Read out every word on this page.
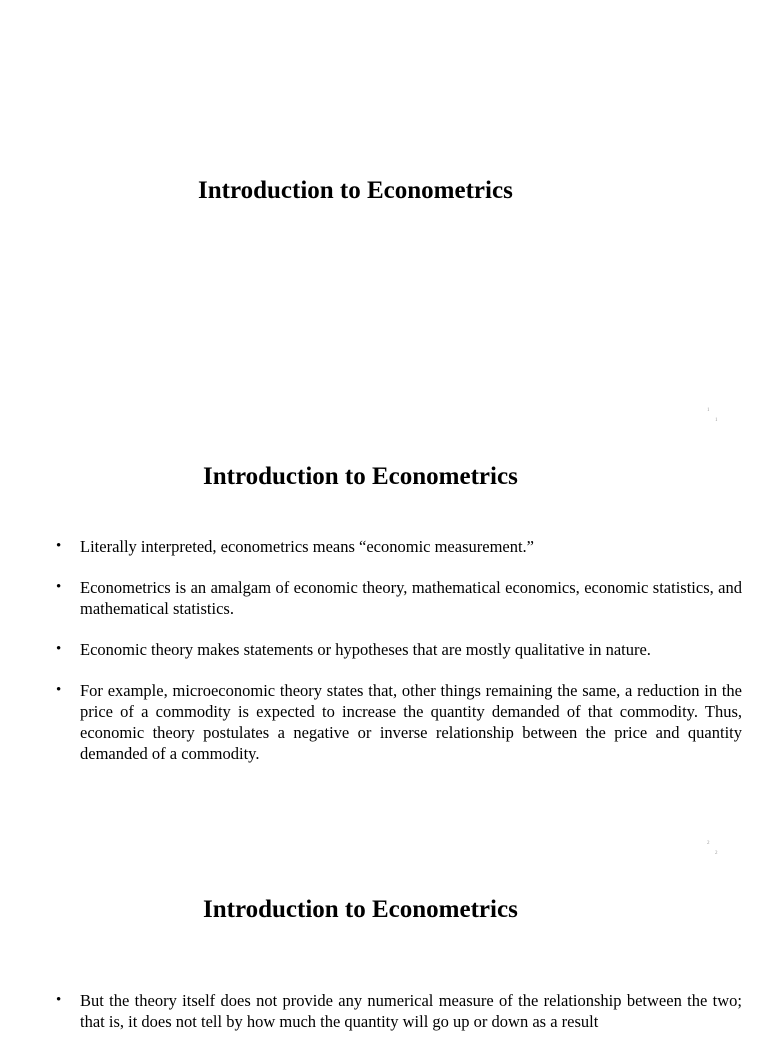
Introduction to Econometrics
1
1
Introduction to Econometrics
• Literally interpreted, econometrics means “economic measurement.”
• Econometrics is an amalgam of economic theory, mathematical economics, economic statistics, and mathematical statistics.
• Economic theory makes statements or hypotheses that are mostly qualitative in nature.
• For example, microeconomic theory states that, other things remaining the same, a reduction in the price of a commodity is expected to increase the quantity demanded of that commodity. Thus, economic theory postulates a negative or inverse relationship between the price and quantity demanded of a commodity.
2
2
Introduction to Econometrics
• But the theory itself does not provide any numerical measure of the relationship between the two; that is, it does not tell by how much the quantity will go up or down as a result
